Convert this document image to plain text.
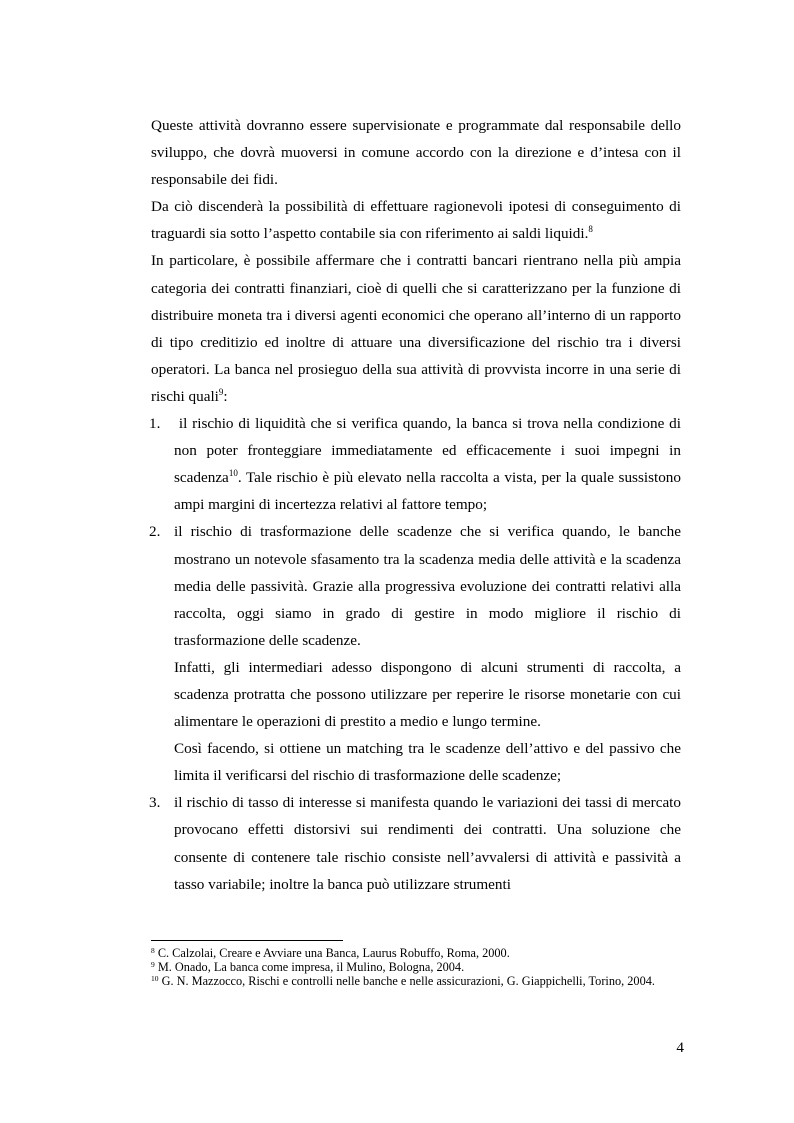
Queste attività dovranno essere supervisionate e programmate dal responsabile dello sviluppo, che dovrà muoversi in comune accordo con la direzione e d’intesa con il responsabile dei fidi.

Da ciò discenderà la possibilità di effettuare ragionevoli ipotesi di conseguimento di traguardi sia sotto l’aspetto contabile sia con riferimento ai saldi liquidi.$^8$

In particolare, è possibile affermare che i contratti bancari rientrano nella più ampia categoria dei contratti finanziari, cioè di quelli che si caratterizzano per la funzione di distribuire moneta tra i diversi agenti economici che operano all’interno di un rapporto di tipo creditizio ed inoltre di attuare una diversificazione del rischio tra i diversi operatori. La banca nel prosieguo della sua attività di provvista incorre in una serie di rischi quali$^9$:

1.	il rischio di liquidità che si verifica quando, la banca si trova nella condizione di non poter fronteggiare immediatamente ed efficacemente i suoi impegni in scadenza$^{10}$. Tale rischio è più elevato nella raccolta a vista, per la quale sussistono ampi margini di incertezza relativi al fattore tempo;

2. il rischio di trasformazione delle scadenze che si verifica quando, le banche mostrano un notevole sfasamento tra la scadenza media delle attività e la scadenza media delle passività. Grazie alla progressiva evoluzione dei contratti relativi alla raccolta, oggi siamo in grado di gestire in modo migliore il rischio di trasformazione delle scadenze.

Infatti, gli intermediari adesso dispongono di alcuni strumenti di raccolta, a scadenza protratta che possono utilizzare per reperire le risorse monetarie con cui alimentare le operazioni di prestito a medio e lungo termine.

Così facendo, si ottiene un matching tra le scadenze dell’attivo e del passivo che limita il verificarsi del rischio di trasformazione delle scadenze;

3. il rischio di tasso di interesse si manifesta quando le variazioni dei tassi di mercato provocano effetti distorsivi sui rendimenti dei contratti. Una soluzione che consente di contenere tale rischio consiste nell’avvalersi di attività e passività a tasso variabile; inoltre la banca può utilizzare strumenti

$^8$ C. Calzolai, Creare e Avviare una Banca, Laurus Robuffo, Roma, 2000.

$^9$ M. Onado, La banca come impresa, il Mulino, Bologna, 2004.

$^{10}$ G. N. Mazzocco, Rischi e controlli nelle banche e nelle assicurazioni, G. Giappichelli, Torino, 2004.

4
